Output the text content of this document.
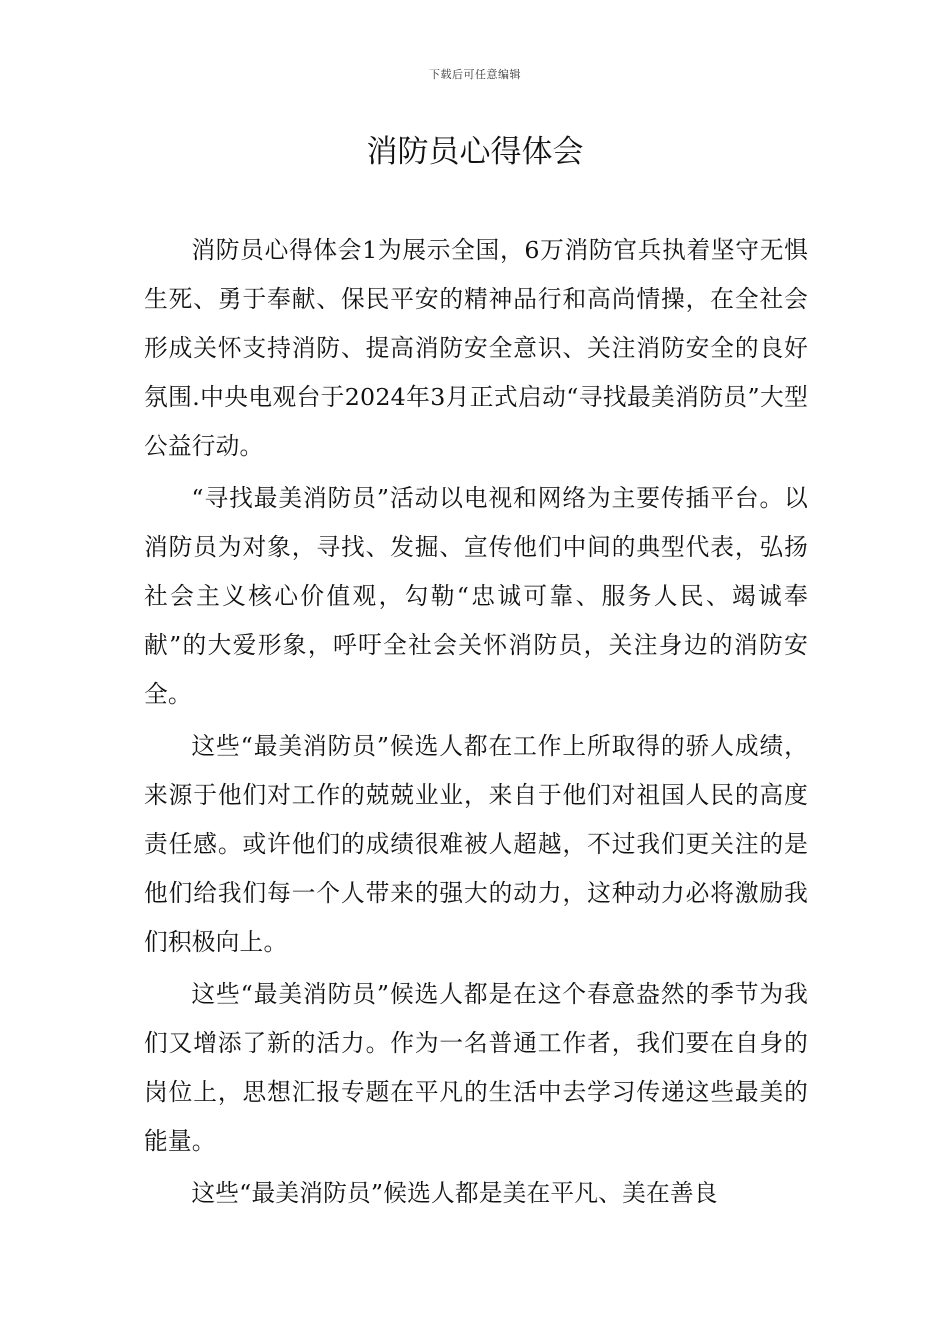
下载后可任意编辑
消防员心得体会

消防员心得体会1为展示全国，6万消防官兵执着坚守无惧生死、勇于奉献、保民平安的精神品行和高尚情操，在全社会形成关怀支持消防、提高消防安全意识、关注消防安全的良好氛围.中央电观台于2024年3月正式启动“寻找最美消防员”大型公益行动。

“寻找最美消防员”活动以电视和网络为主要传插平台。以消防员为对象，寻找、发掘、宣传他们中间的典型代表，弘扬社会主义核心价值观，勾勒“忠诚可靠、服务人民、竭诚奉献”的大爱形象，呼吁全社会关怀消防员，关注身边的消防安全。

这些“最美消防员”候选人都在工作上所取得的骄人成绩，来源于他们对工作的兢兢业业，来自于他们对祖国人民的高度责任感。或许他们的成绩很难被人超越，不过我们更关注的是他们给我们每一个人带来的强大的动力，这种动力必将激励我们积极向上。

这些“最美消防员”候选人都是在这个春意盎然的季节为我们又增添了新的活力。作为一名普通工作者，我们要在自身的岗位上，思想汇报专题在平凡的生活中去学习传递这些最美的能量。

这些“最美消防员”候选人都是美在平凡、美在善良
